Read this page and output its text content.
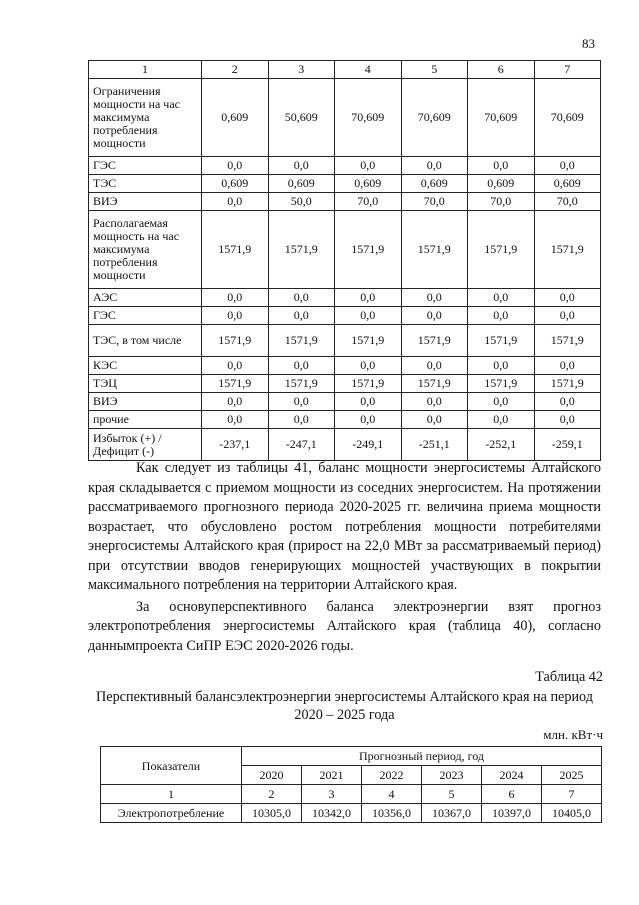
83
1	2	3	4	5	6	7
Ограничения мощности на час максимума потребления мощности	0,609	50,609	70,609	70,609	70,609	70,609
ГЭС	0,0	0,0	0,0	0,0	0,0	0,0
ТЭС	0,609	0,609	0,609	0,609	0,609	0,609
ВИЭ	0,0	50,0	70,0	70,0	70,0	70,0
Располагаемая мощность на час максимума потребления мощности	1571,9	1571,9	1571,9	1571,9	1571,9	1571,9
АЭС	0,0	0,0	0,0	0,0	0,0	0,0
ГЭС	0,0	0,0	0,0	0,0	0,0	0,0
ТЭС, в том числе	1571,9	1571,9	1571,9	1571,9	1571,9	1571,9
КЭС	0,0	0,0	0,0	0,0	0,0	0,0
ТЭЦ	1571,9	1571,9	1571,9	1571,9	1571,9	1571,9
ВИЭ	0,0	0,0	0,0	0,0	0,0	0,0
прочие	0,0	0,0	0,0	0,0	0,0	0,0
Избыток (+) / Дефицит (-)	-237,1	-247,1	-249,1	-251,1	-252,1	-259,1

Как следует из таблицы 41, баланс мощности энергосистемы Алтайского края складывается с приемом мощности из соседних энергосистем. На протяжении рассматриваемого прогнозного периода 2020-2025 гг. величина приема мощности возрастает, что обусловлено ростом потребления мощности потребителями энергосистемы Алтайского края (прирост на 22,0 МВт за рассматриваемый период) при отсутствии вводов генерирующих мощностей участвующих в покрытии максимального потребления на территории Алтайского края.

За основуперспективного баланса электроэнергии взят прогноз электропотребления энергосистемы Алтайского края (таблица 40), согласно даннымпроекта СиПР ЕЭС 2020-2026 годы.

Таблица 42
Перспективный балансэлектроэнергии энергосистемы Алтайского края на период 2020 – 2025 года
млн. кВт·ч
Показатели	Прогнозный период, год					
	2020	2021	2022	2023	2024	2025
1	2	3	4	5	6	7
Электропотребление	10305,0	10342,0	10356,0	10367,0	10397,0	10405,0
